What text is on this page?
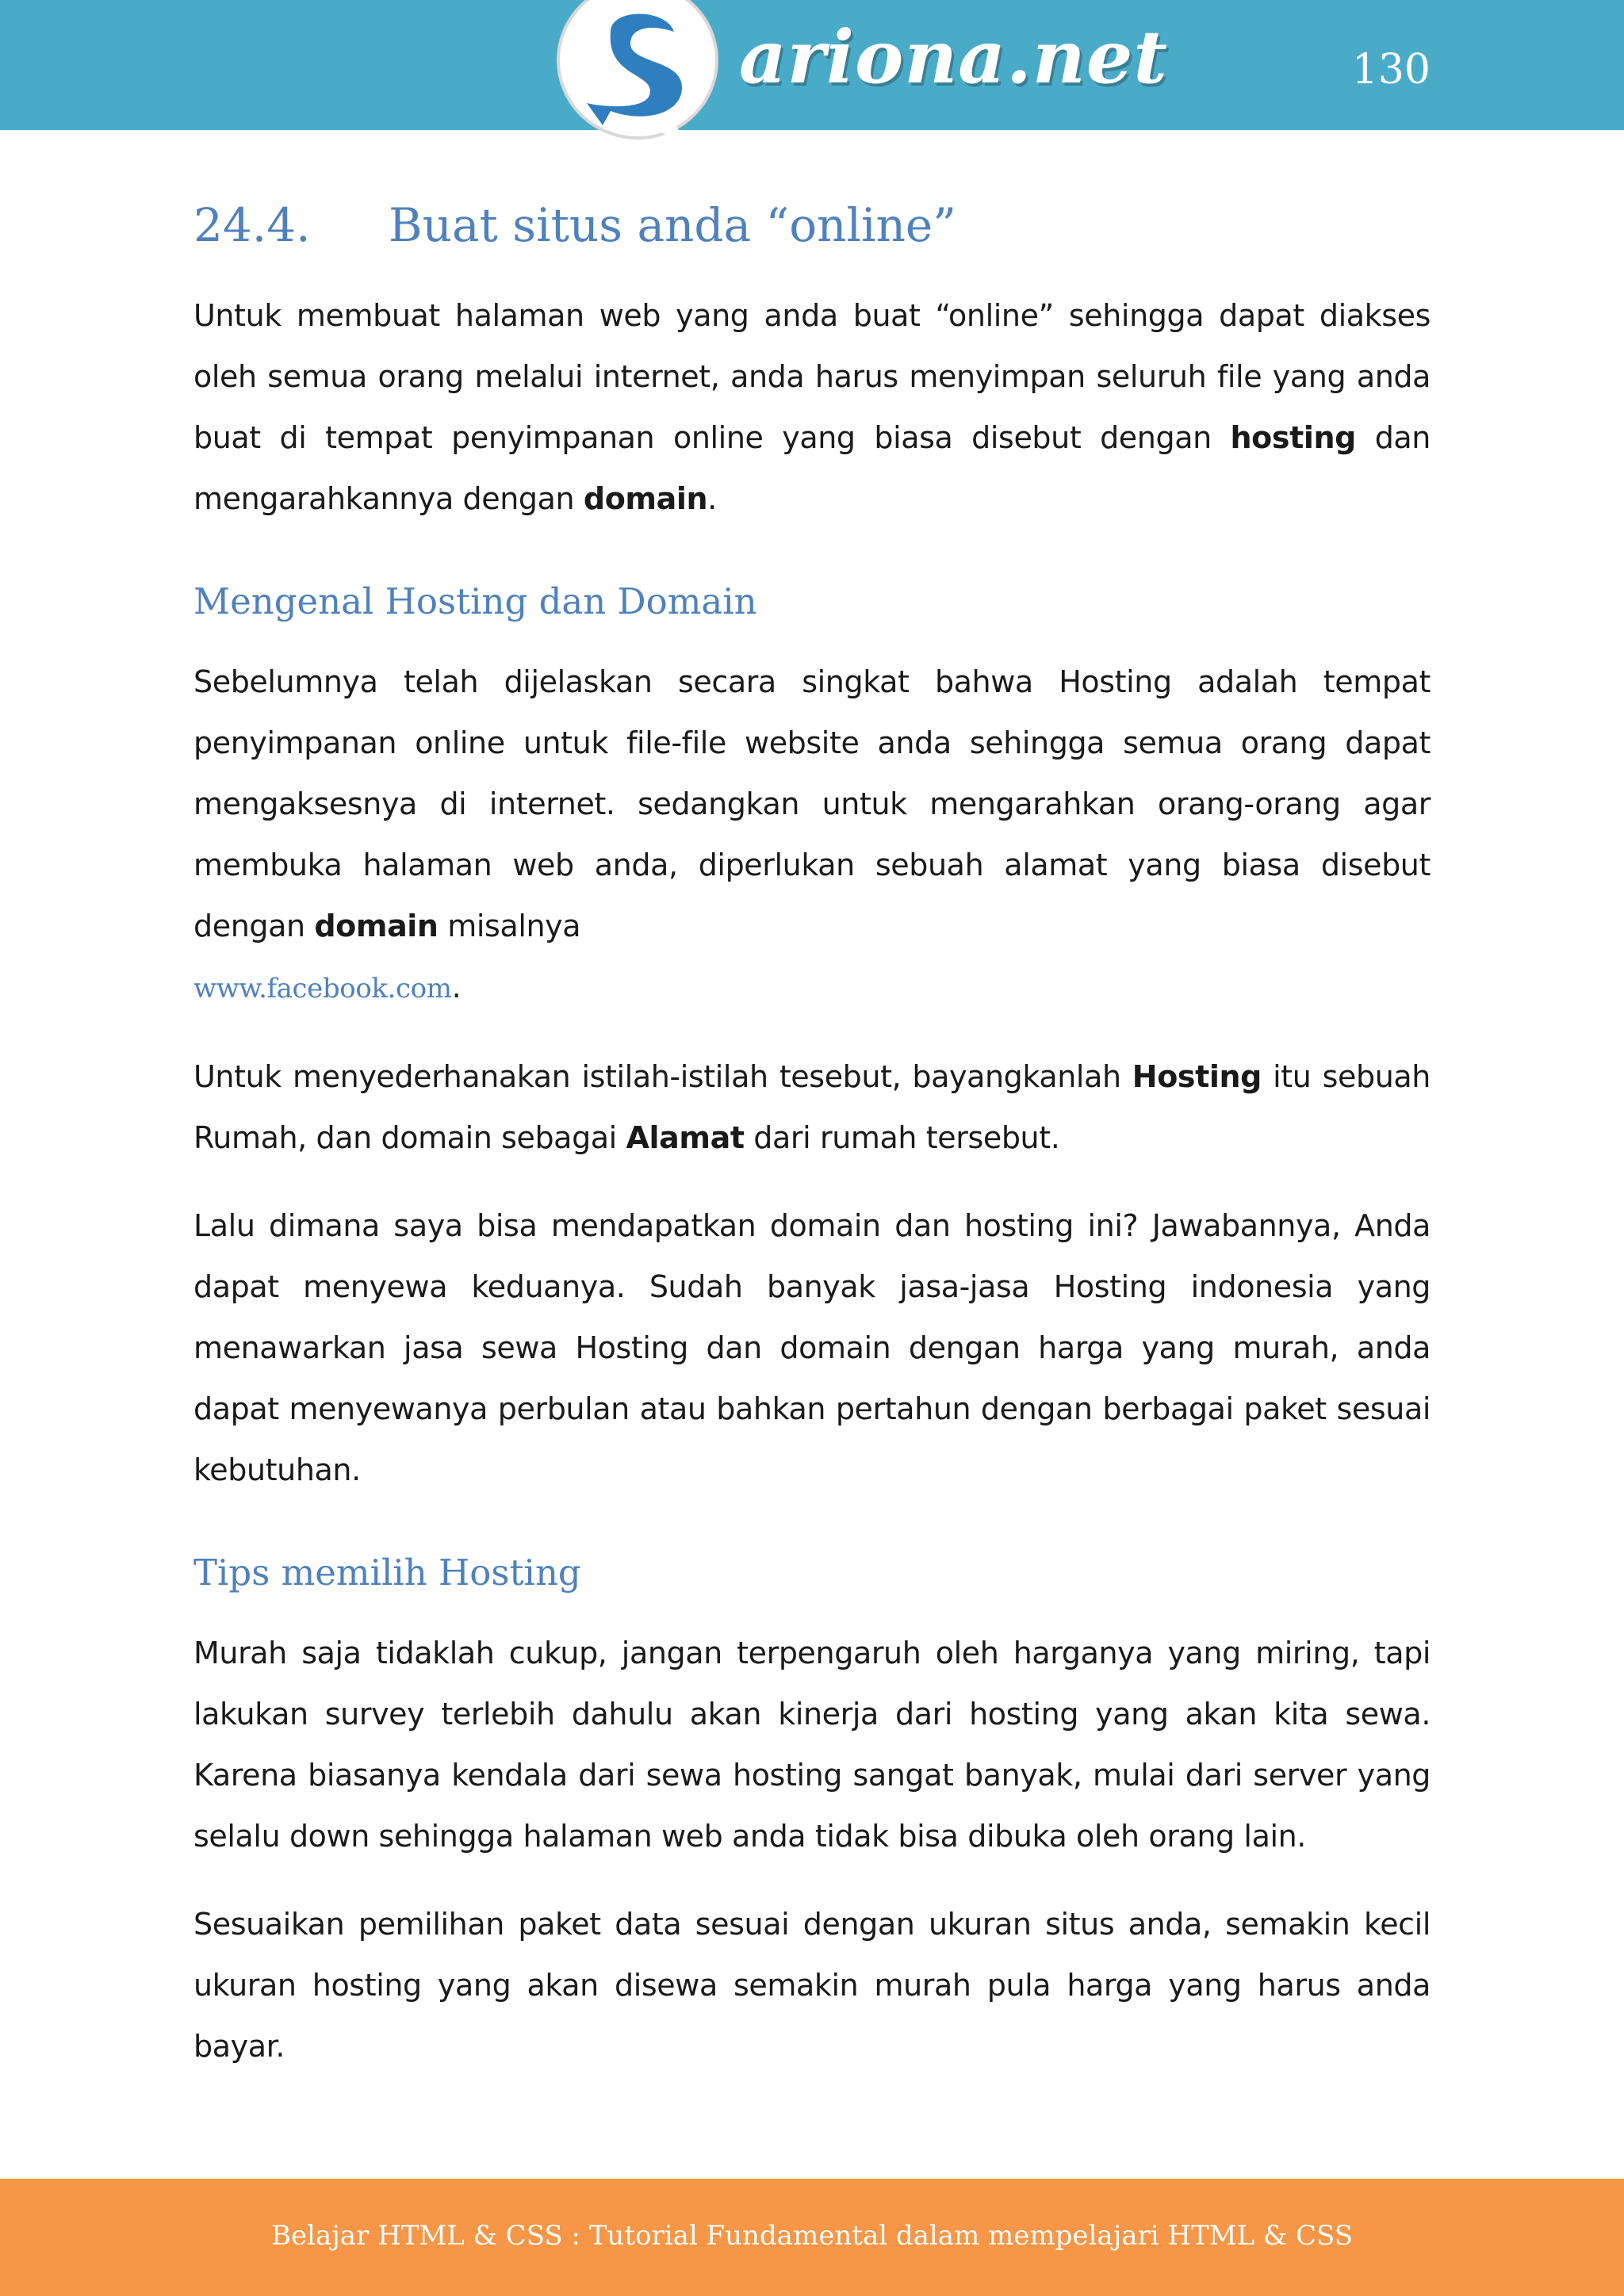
ariona.net	130
24.4. Buat situs anda “online”

Untuk membuat halaman web yang anda buat “online” sehingga dapat diakses oleh semua orang melalui internet, anda harus menyimpan seluruh file yang anda buat di tempat penyimpanan online yang biasa disebut dengan hosting dan mengarahkannya dengan domain.

Mengenal Hosting dan Domain

Sebelumnya telah dijelaskan secara singkat bahwa Hosting adalah tempat penyimpanan online untuk file-file website anda sehingga semua orang dapat mengaksesnya di internet. sedangkan untuk mengarahkan orang-orang agar membuka halaman web anda, diperlukan sebuah alamat yang biasa disebut dengan domain misalnya
www.facebook.com.

Untuk menyederhanakan istilah-istilah tesebut, bayangkanlah Hosting itu sebuah Rumah, dan domain sebagai Alamat dari rumah tersebut.

Lalu dimana saya bisa mendapatkan domain dan hosting ini? Jawabannya, Anda dapat menyewa keduanya. Sudah banyak jasa-jasa Hosting indonesia yang menawarkan jasa sewa Hosting dan domain dengan harga yang murah, anda dapat menyewanya perbulan atau bahkan pertahun dengan berbagai paket sesuai kebutuhan.

Tips memilih Hosting

Murah saja tidaklah cukup, jangan terpengaruh oleh harganya yang miring, tapi lakukan survey terlebih dahulu akan kinerja dari hosting yang akan kita sewa. Karena biasanya kendala dari sewa hosting sangat banyak, mulai dari server yang selalu down sehingga halaman web anda tidak bisa dibuka oleh orang lain.

Sesuaikan pemilihan paket data sesuai dengan ukuran situs anda, semakin kecil ukuran hosting yang akan disewa semakin murah pula harga yang harus anda bayar.

Belajar HTML & CSS : Tutorial Fundamental dalam mempelajari HTML & CSS
